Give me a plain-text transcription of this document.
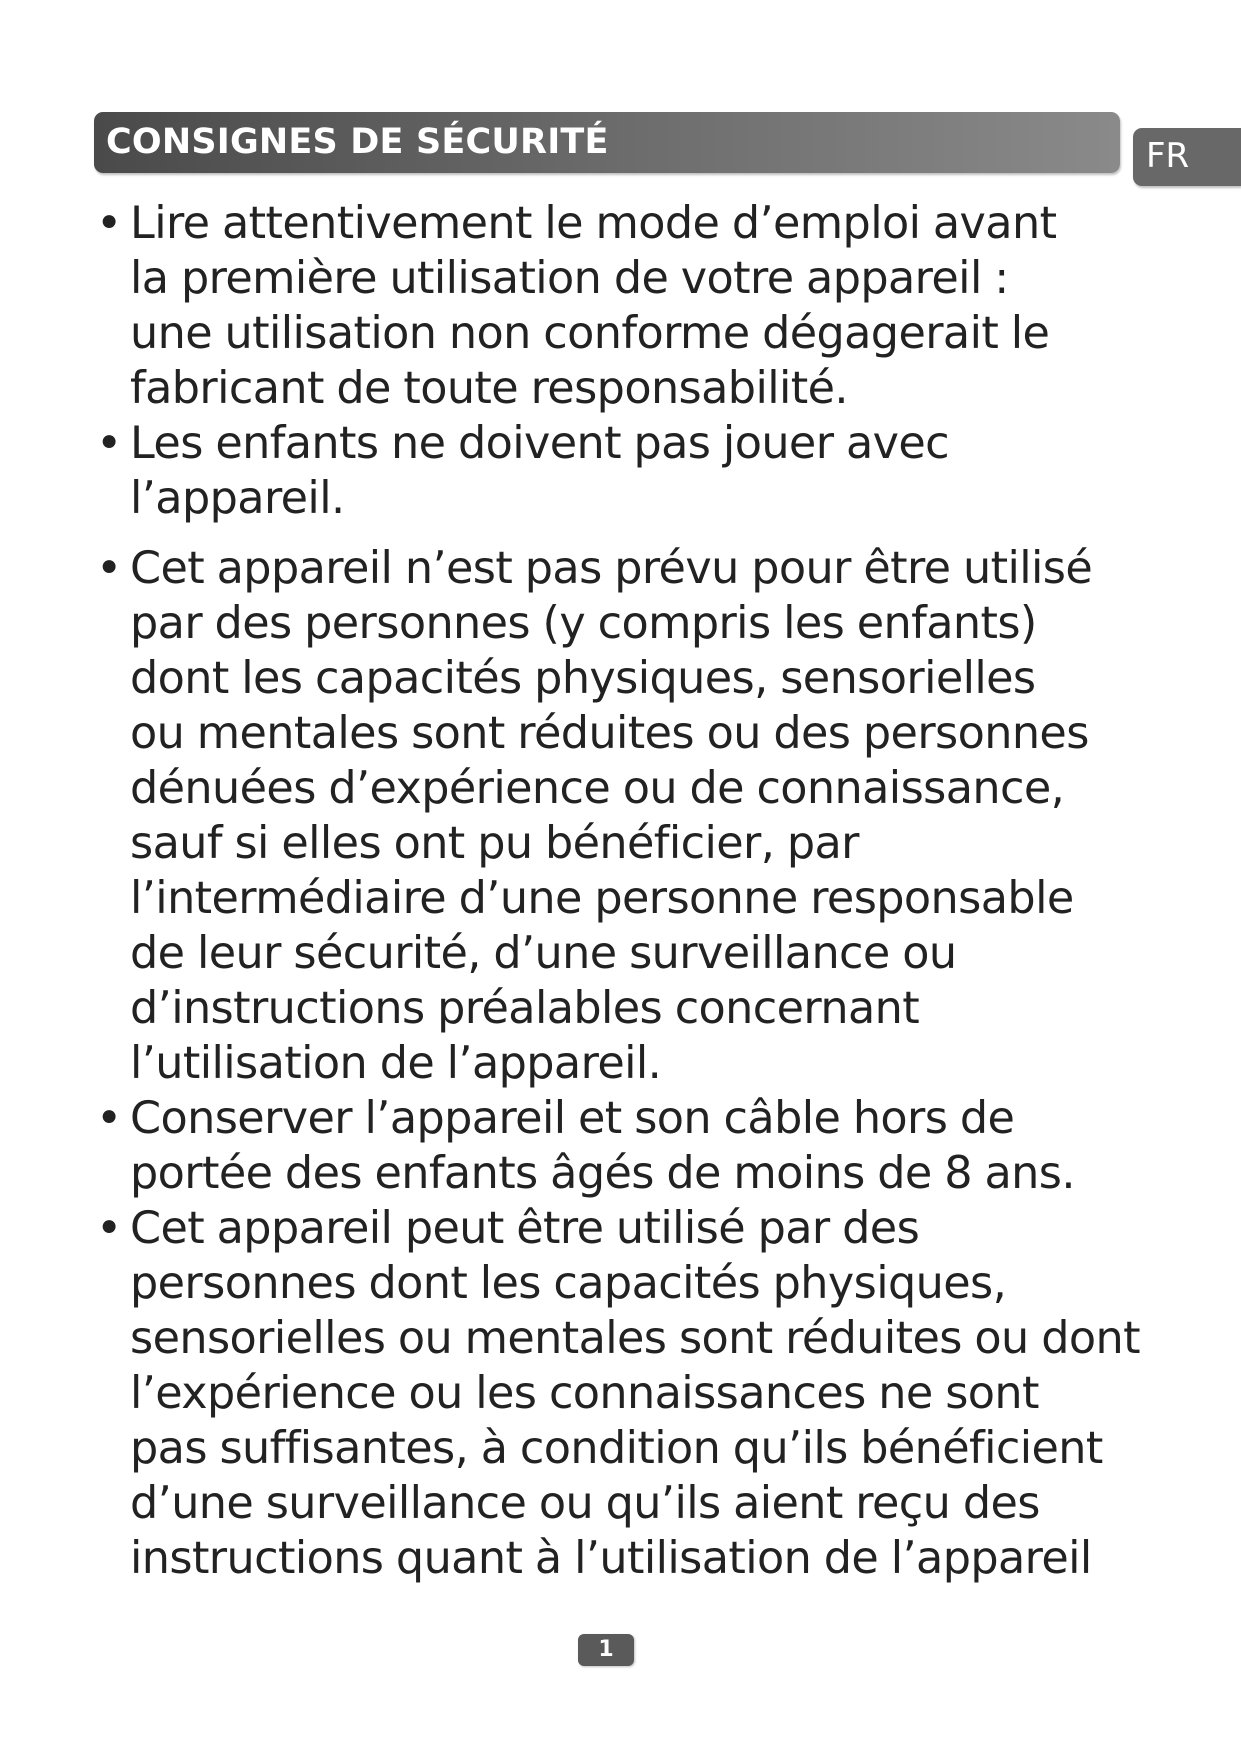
CONSIGNES DE SÉCURITÉ	FR
• Lire attentivement le mode d’emploi avant
la première utilisation de votre appareil :
une utilisation non conforme dégagerait le
fabricant de toute responsabilité.
• Les enfants ne doivent pas jouer avec
l’appareil.
• Cet appareil n’est pas prévu pour être utilisé
par des personnes (y compris les enfants)
dont les capacités physiques, sensorielles
ou mentales sont réduites ou des personnes
dénuées d’expérience ou de connaissance,
sauf si elles ont pu bénéficier, par
l’intermédiaire d’une personne responsable
de leur sécurité, d’une surveillance ou
d’instructions préalables concernant
l’utilisation de l’appareil.
• Conserver l’appareil et son câble hors de
portée des enfants âgés de moins de 8 ans.
• Cet appareil peut être utilisé par des
personnes dont les capacités physiques,
sensorielles ou mentales sont réduites ou dont
l’expérience ou les connaissances ne sont
pas suffisantes, à condition qu’ils bénéficient
d’une surveillance ou qu’ils aient reçu des
instructions quant à l’utilisation de l’appareil
1
